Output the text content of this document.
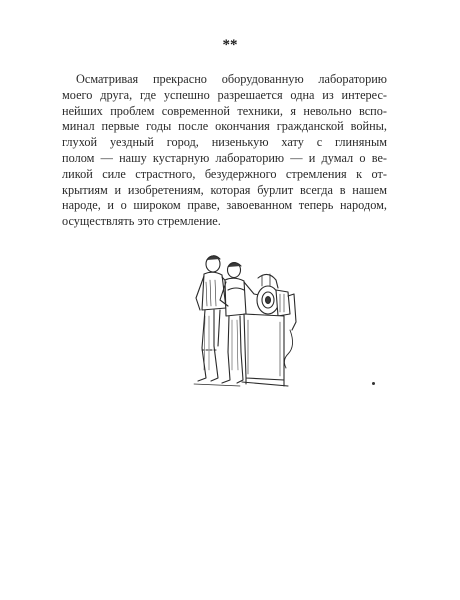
**

Осматривая прекрасно оборудованную лабораторию
моего друга, где успешно разрешается одна из интерес-
нейших проблем современной техники, я невольно вспо-
минал первые годы после окончания гражданской войны,
глухой уездный город, низенькую хату с глиняным
полом — нашу кустарную лабораторию — и думал о ве-
ликой силе страстного, безудержного стремления к от-
крытиям и изобретениям, которая бурлит всегда в нашем
народе, и о широком праве, завоеванном теперь народом,
осуществлять это стремление.
